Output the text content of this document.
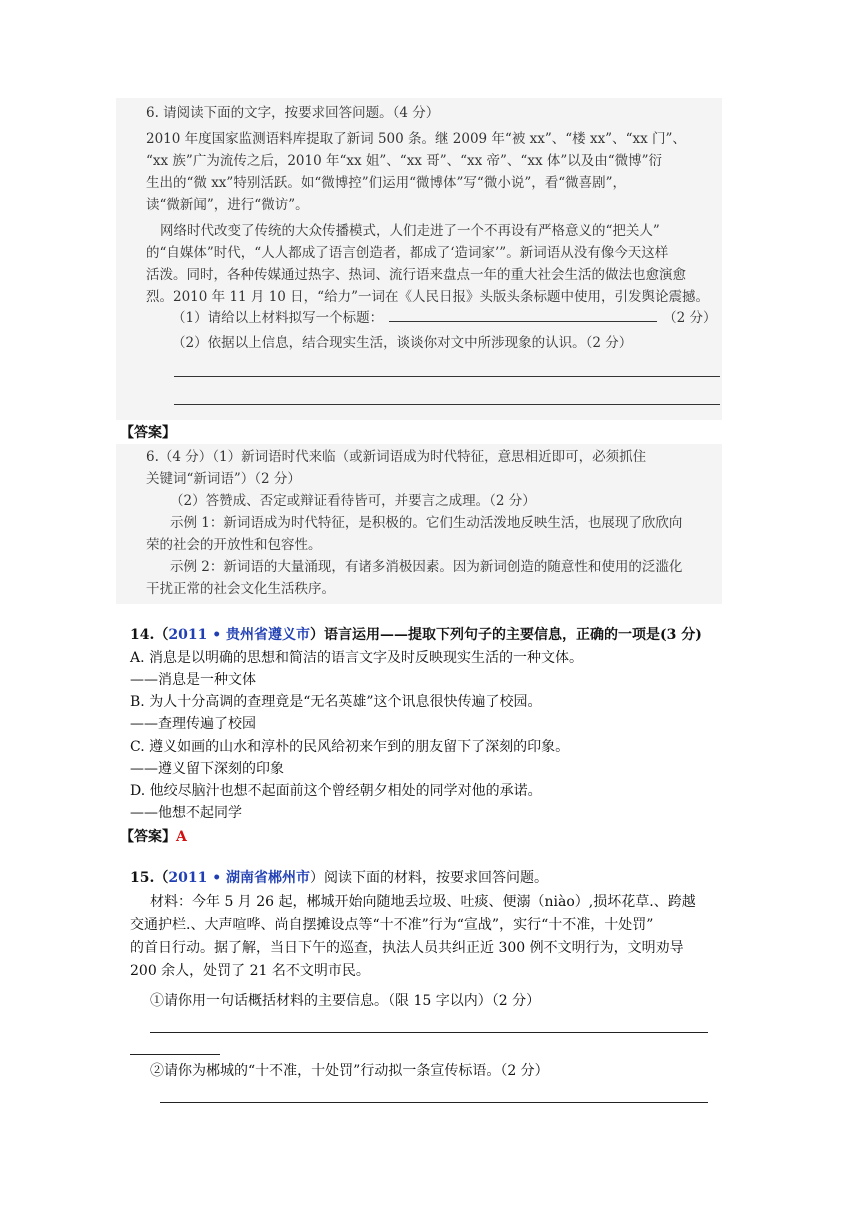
6. 请阅读下面的文字，按要求回答问题。（4 分）
2010 年度国家监测语料库提取了新词 500 条。继 2009 年“被 xx”、“楼 xx”、“xx 门”、
“xx 族”广为流传之后，2010 年“xx 姐”、“xx 哥”、“xx 帝”、“xx 体”以及由“微博”衍
生出的“微 xx”特别活跃。如“微博控”们运用“微博体”写“微小说”，看“微喜剧”，
读“微新闻”，进行“微访”。
网络时代改变了传统的大众传播模式，人们走进了一个不再设有严格意义的“把关人”
的“自媒体”时代，“人人都成了语言创造者，都成了‘造词家’”。新词语从没有像今天这样
活泼。同时，各种传媒通过热字、热词、流行语来盘点一年的重大社会生活的做法也愈演愈
烈。2010 年 11 月 10 日，“给力”一词在《人民日报》头版头条标题中使用，引发舆论震撼。
（1）请给以上材料拟写一个标题：	（2 分）
（2）依据以上信息，结合现实生活，谈谈你对文中所涉现象的认识。（2 分）
【答案】
6.（4 分）（1）新词语时代来临（或新词语成为时代特征，意思相近即可，必须抓住
关键词“新词语”）（2 分）
（2）答赞成、否定或辩证看待皆可，并要言之成理。（2 分）
示例 1：新词语成为时代特征，是积极的。它们生动活泼地反映生活，也展现了欣欣向
荣的社会的开放性和包容性。
示例 2：新词语的大量涌现，有诸多消极因素。因为新词创造的随意性和使用的泛滥化
干扰正常的社会文化生活秩序。
14.（2011 • 贵州省遵义市）语言运用——提取下列句子的主要信息，正确的一项是(3 分)
A. 消息是以明确的思想和简洁的语言文字及时反映现实生活的一种文体。
——消息是一种文体
B. 为人十分高调的查理竟是“无名英雄”这个讯息很快传遍了校园。
——查理传遍了校园
C. 遵义如画的山水和淳朴的民风给初来乍到的朋友留下了深刻的印象。
——遵义留下深刻的印象
D. 他绞尽脑汁也想不起面前这个曾经朝夕相处的同学对他的承诺。
——他想不起同学
【答案】A
15.（2011 • 湖南省郴州市）阅读下面的材料，按要求回答问题。
材料：今年 5 月 26 起，郴城开始向随地丢垃圾、吐痰、便溺（niào）,损坏花草.、跨越
交通护栏.、大声喧哗、尚自摆摊设点等“十不准”行为“宣战”，实行“十不准，十处罚”
的首日行动。据了解，当日下午的巡查，执法人员共纠正近 300 例不文明行为，文明劝导
200 余人，处罚了 21 名不文明市民。
①请你用一句话概括材料的主要信息。（限 15 字以内）（2 分）
②请你为郴城的“十不准，十处罚”行动拟一条宣传标语。（2 分）
